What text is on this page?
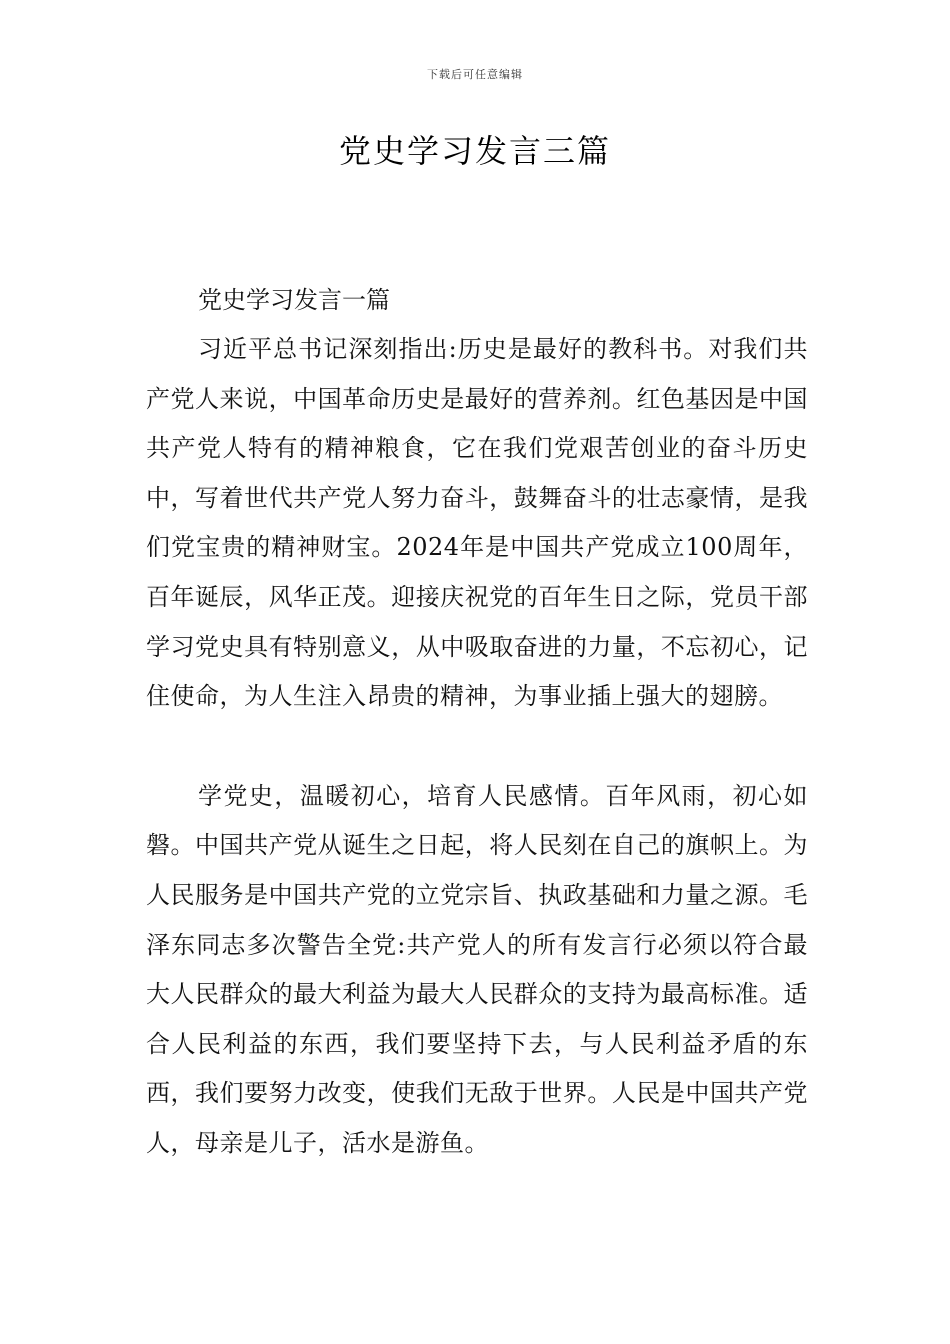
下载后可任意编辑
党史学习发言三篇

党史学习发言一篇

习近平总书记深刻指出:历史是最好的教科书。对我们共产党人来说，中国革命历史是最好的营养剂。红色基因是中国共产党人特有的精神粮食，它在我们党艰苦创业的奋斗历史中，写着世代共产党人努力奋斗，鼓舞奋斗的壮志豪情，是我们党宝贵的精神财宝。2024年是中国共产党成立100周年，百年诞辰，风华正茂。迎接庆祝党的百年生日之际，党员干部学习党史具有特别意义，从中吸取奋进的力量，不忘初心，记住使命，为人生注入昂贵的精神，为事业插上强大的翅膀。

学党史，温暖初心，培育人民感情。百年风雨，初心如磐。中国共产党从诞生之日起，将人民刻在自己的旗帜上。为人民服务是中国共产党的立党宗旨、执政基础和力量之源。毛泽东同志多次警告全党:共产党人的所有发言行必须以符合最大人民群众的最大利益为最大人民群众的支持为最高标准。适合人民利益的东西，我们要坚持下去，与人民利益矛盾的东西，我们要努力改变，使我们无敌于世界。人民是中国共产党人，母亲是儿子，活水是游鱼。
